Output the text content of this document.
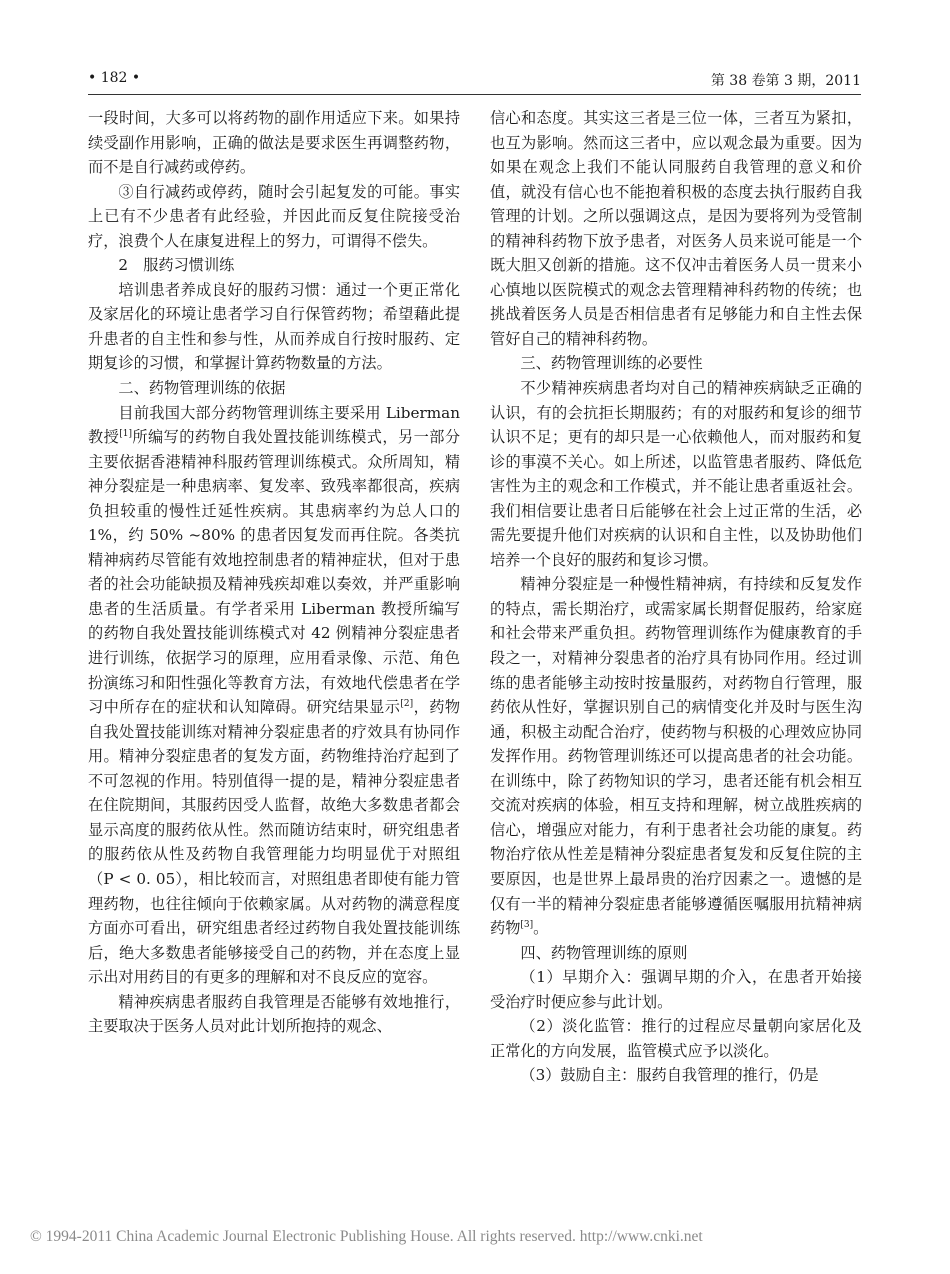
• 182 •	第 38 卷第 3 期，2011

一段时间，大多可以将药物的副作用适应下来。如果持续受副作用影响，正确的做法是要求医生再调整药物，而不是自行减药或停药。

③自行减药或停药，随时会引起复发的可能。事实上已有不少患者有此经验，并因此而反复住院接受治疗，浪费个人在康复进程上的努力，可谓得不偿失。

2　服药习惯训练

培训患者养成良好的服药习惯：通过一个更正常化及家居化的环境让患者学习自行保管药物；希望藉此提升患者的自主性和参与性，从而养成自行按时服药、定期复诊的习惯，和掌握计算药物数量的方法。

二、药物管理训练的依据

目前我国大部分药物管理训练主要采用 Liberman 教授[1]所编写的药物自我处置技能训练模式，另一部分主要依据香港精神科服药管理训练模式。众所周知，精神分裂症是一种患病率、复发率、致残率都很高，疾病负担较重的慢性迁延性疾病。其患病率约为总人口的 1%，约 50% ~80% 的患者因复发而再住院。各类抗精神病药尽管能有效地控制患者的精神症状，但对于患者的社会功能缺损及精神残疾却难以奏效，并严重影响患者的生活质量。有学者采用 Liberman 教授所编写的药物自我处置技能训练模式对 42 例精神分裂症患者进行训练，依据学习的原理，应用看录像、示范、角色扮演练习和阳性强化等教育方法，有效地代偿患者在学习中所存在的症状和认知障碍。研究结果显示[2]，药物自我处置技能训练对精神分裂症患者的疗效具有协同作用。精神分裂症患者的复发方面，药物维持治疗起到了不可忽视的作用。特别值得一提的是，精神分裂症患者在住院期间，其服药因受人监督，故绝大多数患者都会显示高度的服药依从性。然而随访结束时，研究组患者的服药依从性及药物自我管理能力均明显优于对照组（P < 0. 05），相比较而言，对照组患者即使有能力管理药物，也往往倾向于依赖家属。从对药物的满意程度方面亦可看出，研究组患者经过药物自我处置技能训练后，绝大多数患者能够接受自己的药物，并在态度上显示出对用药目的有更多的理解和对不良反应的宽容。

精神疾病患者服药自我管理是否能够有效地推行，主要取决于医务人员对此计划所抱持的观念、

信心和态度。其实这三者是三位一体，三者互为紧扣，也互为影响。然而这三者中，应以观念最为重要。因为如果在观念上我们不能认同服药自我管理的意义和价值，就没有信心也不能抱着积极的态度去执行服药自我管理的计划。之所以强调这点，是因为要将列为受管制的精神科药物下放予患者，对医务人员来说可能是一个既大胆又创新的措施。这不仅冲击着医务人员一贯来小心慎地以医院模式的观念去管理精神科药物的传统；也挑战着医务人员是否相信患者有足够能力和自主性去保管好自己的精神科药物。

三、药物管理训练的必要性

不少精神疾病患者均对自己的精神疾病缺乏正确的认识，有的会抗拒长期服药；有的对服药和复诊的细节认识不足；更有的却只是一心依赖他人，而对服药和复诊的事漠不关心。如上所述，以监管患者服药、降低危害性为主的观念和工作模式，并不能让患者重返社会。我们相信要让患者日后能够在社会上过正常的生活，必需先要提升他们对疾病的认识和自主性，以及协助他们培养一个良好的服药和复诊习惯。

精神分裂症是一种慢性精神病，有持续和反复发作的特点，需长期治疗，或需家属长期督促服药，给家庭和社会带来严重负担。药物管理训练作为健康教育的手段之一，对精神分裂患者的治疗具有协同作用。经过训练的患者能够主动按时按量服药，对药物自行管理，服药依从性好，掌握识别自己的病情变化并及时与医生沟通，积极主动配合治疗，使药物与积极的心理效应协同发挥作用。药物管理训练还可以提高患者的社会功能。在训练中，除了药物知识的学习，患者还能有机会相互交流对疾病的体验，相互支持和理解，树立战胜疾病的信心，增强应对能力，有利于患者社会功能的康复。药物治疗依从性差是精神分裂症患者复发和反复住院的主要原因，也是世界上最昂贵的治疗因素之一。遗憾的是仅有一半的精神分裂症患者能够遵循医嘱服用抗精神病药物[3]。

四、药物管理训练的原则

（1）早期介入：强调早期的介入，在患者开始接受治疗时便应参与此计划。

（2）淡化监管：推行的过程应尽量朝向家居化及正常化的方向发展，监管模式应予以淡化。

（3）鼓励自主：服药自我管理的推行，仍是

© 1994-2011 China Academic Journal Electronic Publishing House. All rights reserved. http://www.cnki.net
